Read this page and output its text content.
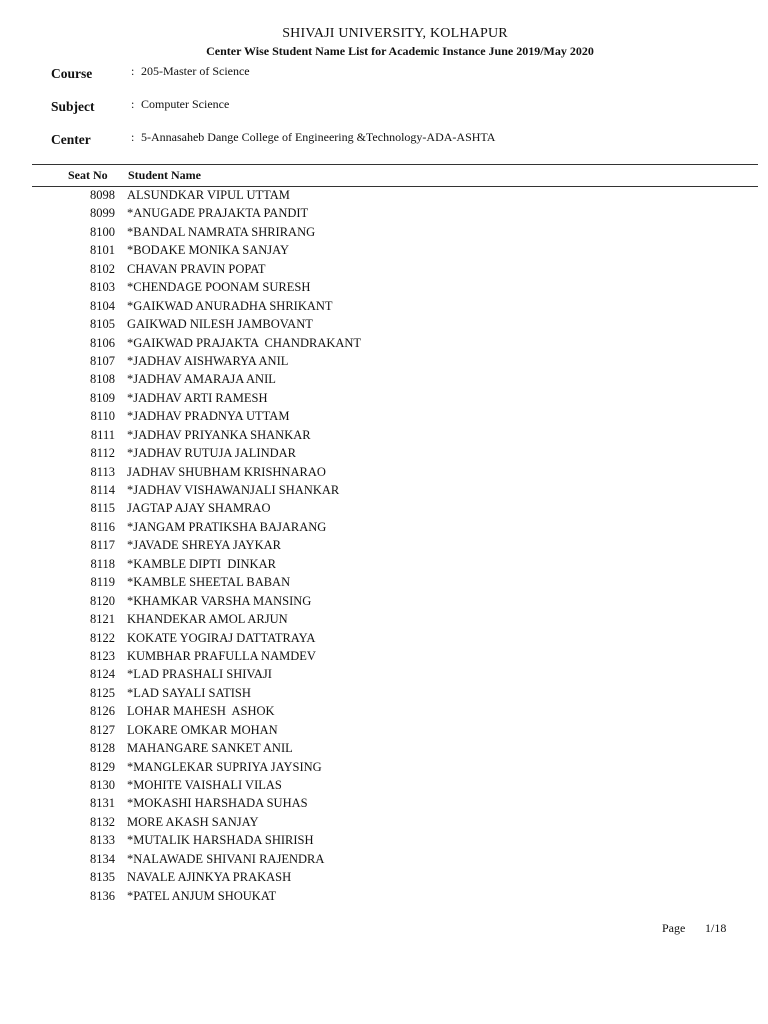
SHIVAJI UNIVERSITY, KOLHAPUR
Center Wise Student Name List for Academic Instance June 2019/May 2020
Course	: 205-Master of Science
Subject	: Computer Science
Center	: 5-Annasaheb Dange College of Engineering &Technology-ADA-ASHTA
Seat No Student Name
8098 ALSUNDKAR VIPUL UTTAM
8099 *ANUGADE PRAJAKTA PANDIT
8100 *BANDAL NAMRATA SHRIRANG
8101 *BODAKE MONIKA SANJAY
8102 CHAVAN PRAVIN POPAT
8103 *CHENDAGE POONAM SURESH
8104 *GAIKWAD ANURADHA SHRIKANT
8105 GAIKWAD NILESH JAMBOVANT
8106 *GAIKWAD PRAJAKTA  CHANDRAKANT
8107 *JADHAV AISHWARYA ANIL
8108 *JADHAV AMARAJA ANIL
8109 *JADHAV ARTI RAMESH
8110 *JADHAV PRADNYA UTTAM
8111 *JADHAV PRIYANKA SHANKAR
8112 *JADHAV RUTUJA JALINDAR
8113 JADHAV SHUBHAM KRISHNARAO
8114 *JADHAV VISHAWANJALI SHANKAR
8115 JAGTAP AJAY SHAMRAO
8116 *JANGAM PRATIKSHA BAJARANG
8117 *JAVADE SHREYA JAYKAR
8118 *KAMBLE DIPTI  DINKAR
8119 *KAMBLE SHEETAL BABAN
8120 *KHAMKAR VARSHA MANSING
8121 KHANDEKAR AMOL ARJUN
8122 KOKATE YOGIRAJ DATTATRAYA
8123 KUMBHAR PRAFULLA NAMDEV
8124 *LAD PRASHALI SHIVAJI
8125 *LAD SAYALI SATISH
8126 LOHAR MAHESH  ASHOK
8127 LOKARE OMKAR MOHAN
8128 MAHANGARE SANKET ANIL
8129 *MANGLEKAR SUPRIYA JAYSING
8130 *MOHITE VAISHALI VILAS
8131 *MOKASHI HARSHADA SUHAS
8132 MORE AKASH SANJAY
8133 *MUTALIK HARSHADA SHIRISH
8134 *NALAWADE SHIVANI RAJENDRA
8135 NAVALE AJINKYA PRAKASH
8136 *PATEL ANJUM SHOUKAT
Page 1/18
